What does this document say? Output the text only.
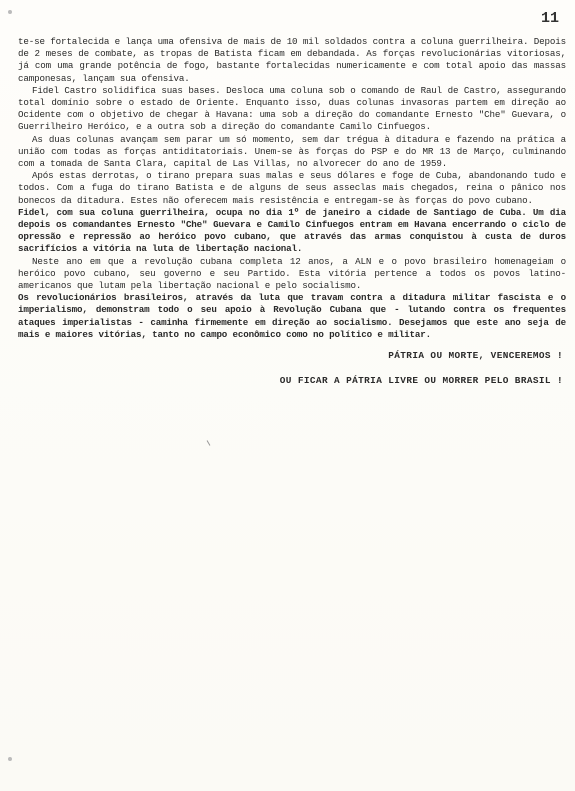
11

te-se fortalecida e lança uma ofensiva de mais de 10 mil soldados contra a coluna guerrilheira. Depois de 2 meses de combate, as tropas de Batista ficam em debandada. As forças revolucionárias vitoriosas, já com uma grande potência de fogo, bastante fortalecidas numericamente e com total apoio das massas camponesas, lançam sua ofensiva.

Fidel Castro solidifica suas bases. Desloca uma coluna sob o comando de Raul de Castro, assegurando total domínio sobre o estado de Oriente. Enquanto isso, duas colunas invasoras partem em direção ao Ocidente com o objetivo de chegar à Havana: uma sob a direção do comandante Ernesto "Che" Guevara, o Guerrilheiro Heróico, e a outra sob a direção do comandante Camilo Cinfuegos.

As duas colunas avançam sem parar um só momento, sem dar trégua à ditadura e fazendo na prática a união com todas as forças antiditatoriais. Unem-se às forças do PSP e do MR 13 de Março, culminando com a tomada de Santa Clara, capital de Las Villas, no alvorecer do ano de 1959.

Após estas derrotas, o tirano prepara suas malas e seus dólares e foge de Cuba, abandonando tudo e todos. Com a fuga do tirano Batista e de alguns de seus asseclas mais chegados, reina o pânico nos bonecos da ditadura. Estes não oferecem mais resistência e entregam-se às forças do povo cubano.

Fidel, com sua coluna guerrilheira, ocupa no dia 1º de janeiro a cidade de Santiago de Cuba. Um dia depois os comandantes Ernesto "Che" Guevara e Camilo Cinfuegos entram em Havana encerrando o ciclo de opressão e repressão ao heróico povo cubano, que através das armas conquistou à custa de duros sacrifícios a vitória na luta de libertação nacional.

Neste ano em que a revolução cubana completa 12 anos, a ALN e o povo brasileiro homenageiam o heróico povo cubano, seu governo e seu Partido. Esta vitória pertence a todos os povos latino-americanos que lutam pela libertação nacional e pelo socialismo.

Os revolucionários brasileiros, através da luta que travam contra a ditadura militar fascista e o imperialismo, demonstram todo o seu apoio à Revolução Cubana que - lutando contra os frequentes ataques imperialistas - caminha firmemente em direção ao socialismo. Desejamos que este ano seja de mais e maiores vitórias, tanto no campo econômico como no político e militar.

PÁTRIA OU MORTE, VENCEREMOS !
OU FICAR A PÁTRIA LIVRE OU MORRER PELO BRASIL !
